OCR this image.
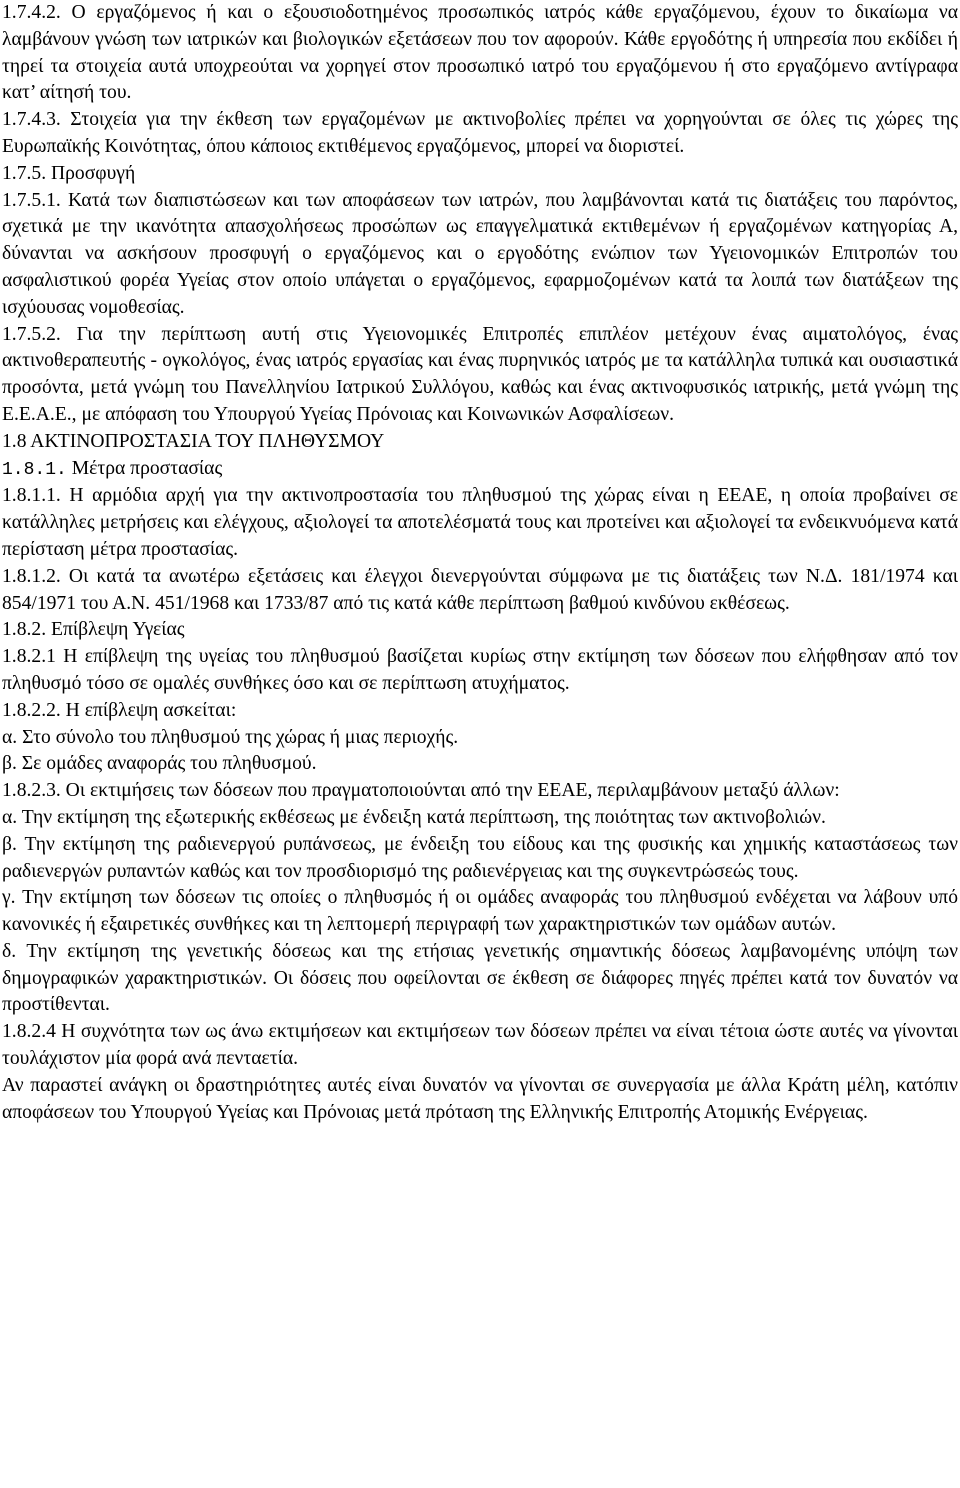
1.7.4.2. Ο εργαζόμενος ή και ο εξουσιοδοτημένος προσωπικός ιατρός κάθε εργαζόμενου, έχουν το δικαίωμα να λαμβάνουν γνώση των ιατρικών και βιολογικών εξετάσεων που τον αφορούν. Κάθε εργοδότης ή υπηρεσία που εκδίδει ή τηρεί τα στοιχεία αυτά υποχρεούται να χορηγεί στον προσωπικό ιατρό του εργαζόμενου ή στο εργαζόμενο αντίγραφα κατ’ αίτησή του.

1.7.4.3. Στοιχεία για την έκθεση των εργαζομένων με ακτινοβολίες πρέπει να χορηγούνται σε όλες τις χώρες της Ευρωπαϊκής Κοινότητας, όπου κάποιος εκτιθέμενος εργαζόμενος, μπορεί να διοριστεί.

1.7.5. Προσφυγή

1.7.5.1. Κατά των διαπιστώσεων και των αποφάσεων των ιατρών, που λαμβάνονται κατά τις διατάξεις του παρόντος, σχετικά με την ικανότητα απασχολήσεως προσώπων ως επαγγελματικά εκτιθεμένων ή εργαζομένων κατηγορίας Α, δύνανται να ασκήσουν προσφυγή ο εργαζόμενος και ο εργοδότης ενώπιον των Υγειονομικών Επιτροπών του ασφαλιστικού φορέα Υγείας στον οποίο υπάγεται ο εργαζόμενος, εφαρμοζομένων κατά τα λοιπά των διατάξεων της ισχύουσας νομοθεσίας.

1.7.5.2. Για την περίπτωση αυτή στις Υγειονομικές Επιτροπές επιπλέον μετέχουν ένας αιματολόγος, ένας ακτινοθεραπευτής - ογκολόγος, ένας ιατρός εργασίας και ένας πυρηνικός ιατρός με τα κατάλληλα τυπικά και ουσιαστικά προσόντα, μετά γνώμη του Πανελληνίου Ιατρικού Συλλόγου, καθώς και ένας ακτινοφυσικός ιατρικής, μετά γνώμη της Ε.Ε.Α.Ε., με απόφαση του Υπουργού Υγείας Πρόνοιας και Κοινωνικών Ασφαλίσεων.

1.8 ΑΚΤΙΝΟΠΡΟΣΤΑΣΙΑ ΤΟΥ ΠΛΗΘΥΣΜΟΥ

1.8.1. Μέτρα προστασίας

1.8.1.1. Η αρμόδια αρχή για την ακτινοπροστασία του πληθυσμού της χώρας είναι η ΕΕΑΕ, η οποία προβαίνει σε κατάλληλες μετρήσεις και ελέγχους, αξιολογεί τα αποτελέσματά τους και προτείνει και αξιολογεί τα ενδεικνυόμενα κατά περίσταση μέτρα προστασίας.

1.8.1.2. Οι κατά τα ανωτέρω εξετάσεις και έλεγχοι διενεργούνται σύμφωνα με τις διατάξεις των Ν.Δ. 181/1974 και 854/1971 του Α.Ν. 451/1968 και 1733/87 από τις κατά κάθε περίπτωση βαθμού κινδύνου εκθέσεως.

1.8.2. Επίβλεψη Υγείας

1.8.2.1 Η επίβλεψη της υγείας του πληθυσμού βασίζεται κυρίως στην εκτίμηση των δόσεων που ελήφθησαν από τον πληθυσμό τόσο σε ομαλές συνθήκες όσο και σε περίπτωση ατυχήματος.

1.8.2.2. Η επίβλεψη ασκείται:

α. Στο σύνολο του πληθυσμού της χώρας ή μιας περιοχής.

β. Σε ομάδες αναφοράς του πληθυσμού.

1.8.2.3. Οι εκτιμήσεις των δόσεων που πραγματοποιούνται από την ΕΕΑΕ, περιλαμβάνουν μεταξύ άλλων:

α. Την εκτίμηση της εξωτερικής εκθέσεως με ένδειξη κατά περίπτωση, της ποιότητας των ακτινοβολιών.

β. Την εκτίμηση της ραδιενεργού ρυπάνσεως, με ένδειξη του είδους και της φυσικής και χημικής καταστάσεως των ραδιενεργών ρυπαντών καθώς και τον προσδιορισμό της ραδιενέργειας και της συγκεντρώσεώς τους.

γ. Την εκτίμηση των δόσεων τις οποίες ο πληθυσμός ή οι ομάδες αναφοράς του πληθυσμού ενδέχεται να λάβουν υπό κανονικές ή εξαιρετικές συνθήκες και τη λεπτομερή περιγραφή των χαρακτηριστικών των ομάδων αυτών.

δ. Την εκτίμηση της γενετικής δόσεως και της ετήσιας γενετικής σημαντικής δόσεως λαμβανομένης υπόψη των δημογραφικών χαρακτηριστικών. Οι δόσεις που οφείλονται σε έκθεση σε διάφορες πηγές πρέπει κατά τον δυνατόν να προστίθενται.

1.8.2.4 Η συχνότητα των ως άνω εκτιμήσεων και εκτιμήσεων των δόσεων πρέπει να είναι τέτοια ώστε αυτές να γίνονται τουλάχιστον μία φορά ανά πενταετία.

Αν παραστεί ανάγκη οι δραστηριότητες αυτές είναι δυνατόν να γίνονται σε συνεργασία με άλλα Κράτη μέλη, κατόπιν αποφάσεων του Υπουργού Υγείας και Πρόνοιας μετά πρόταση της Ελληνικής Επιτροπής Ατομικής Ενέργειας.
